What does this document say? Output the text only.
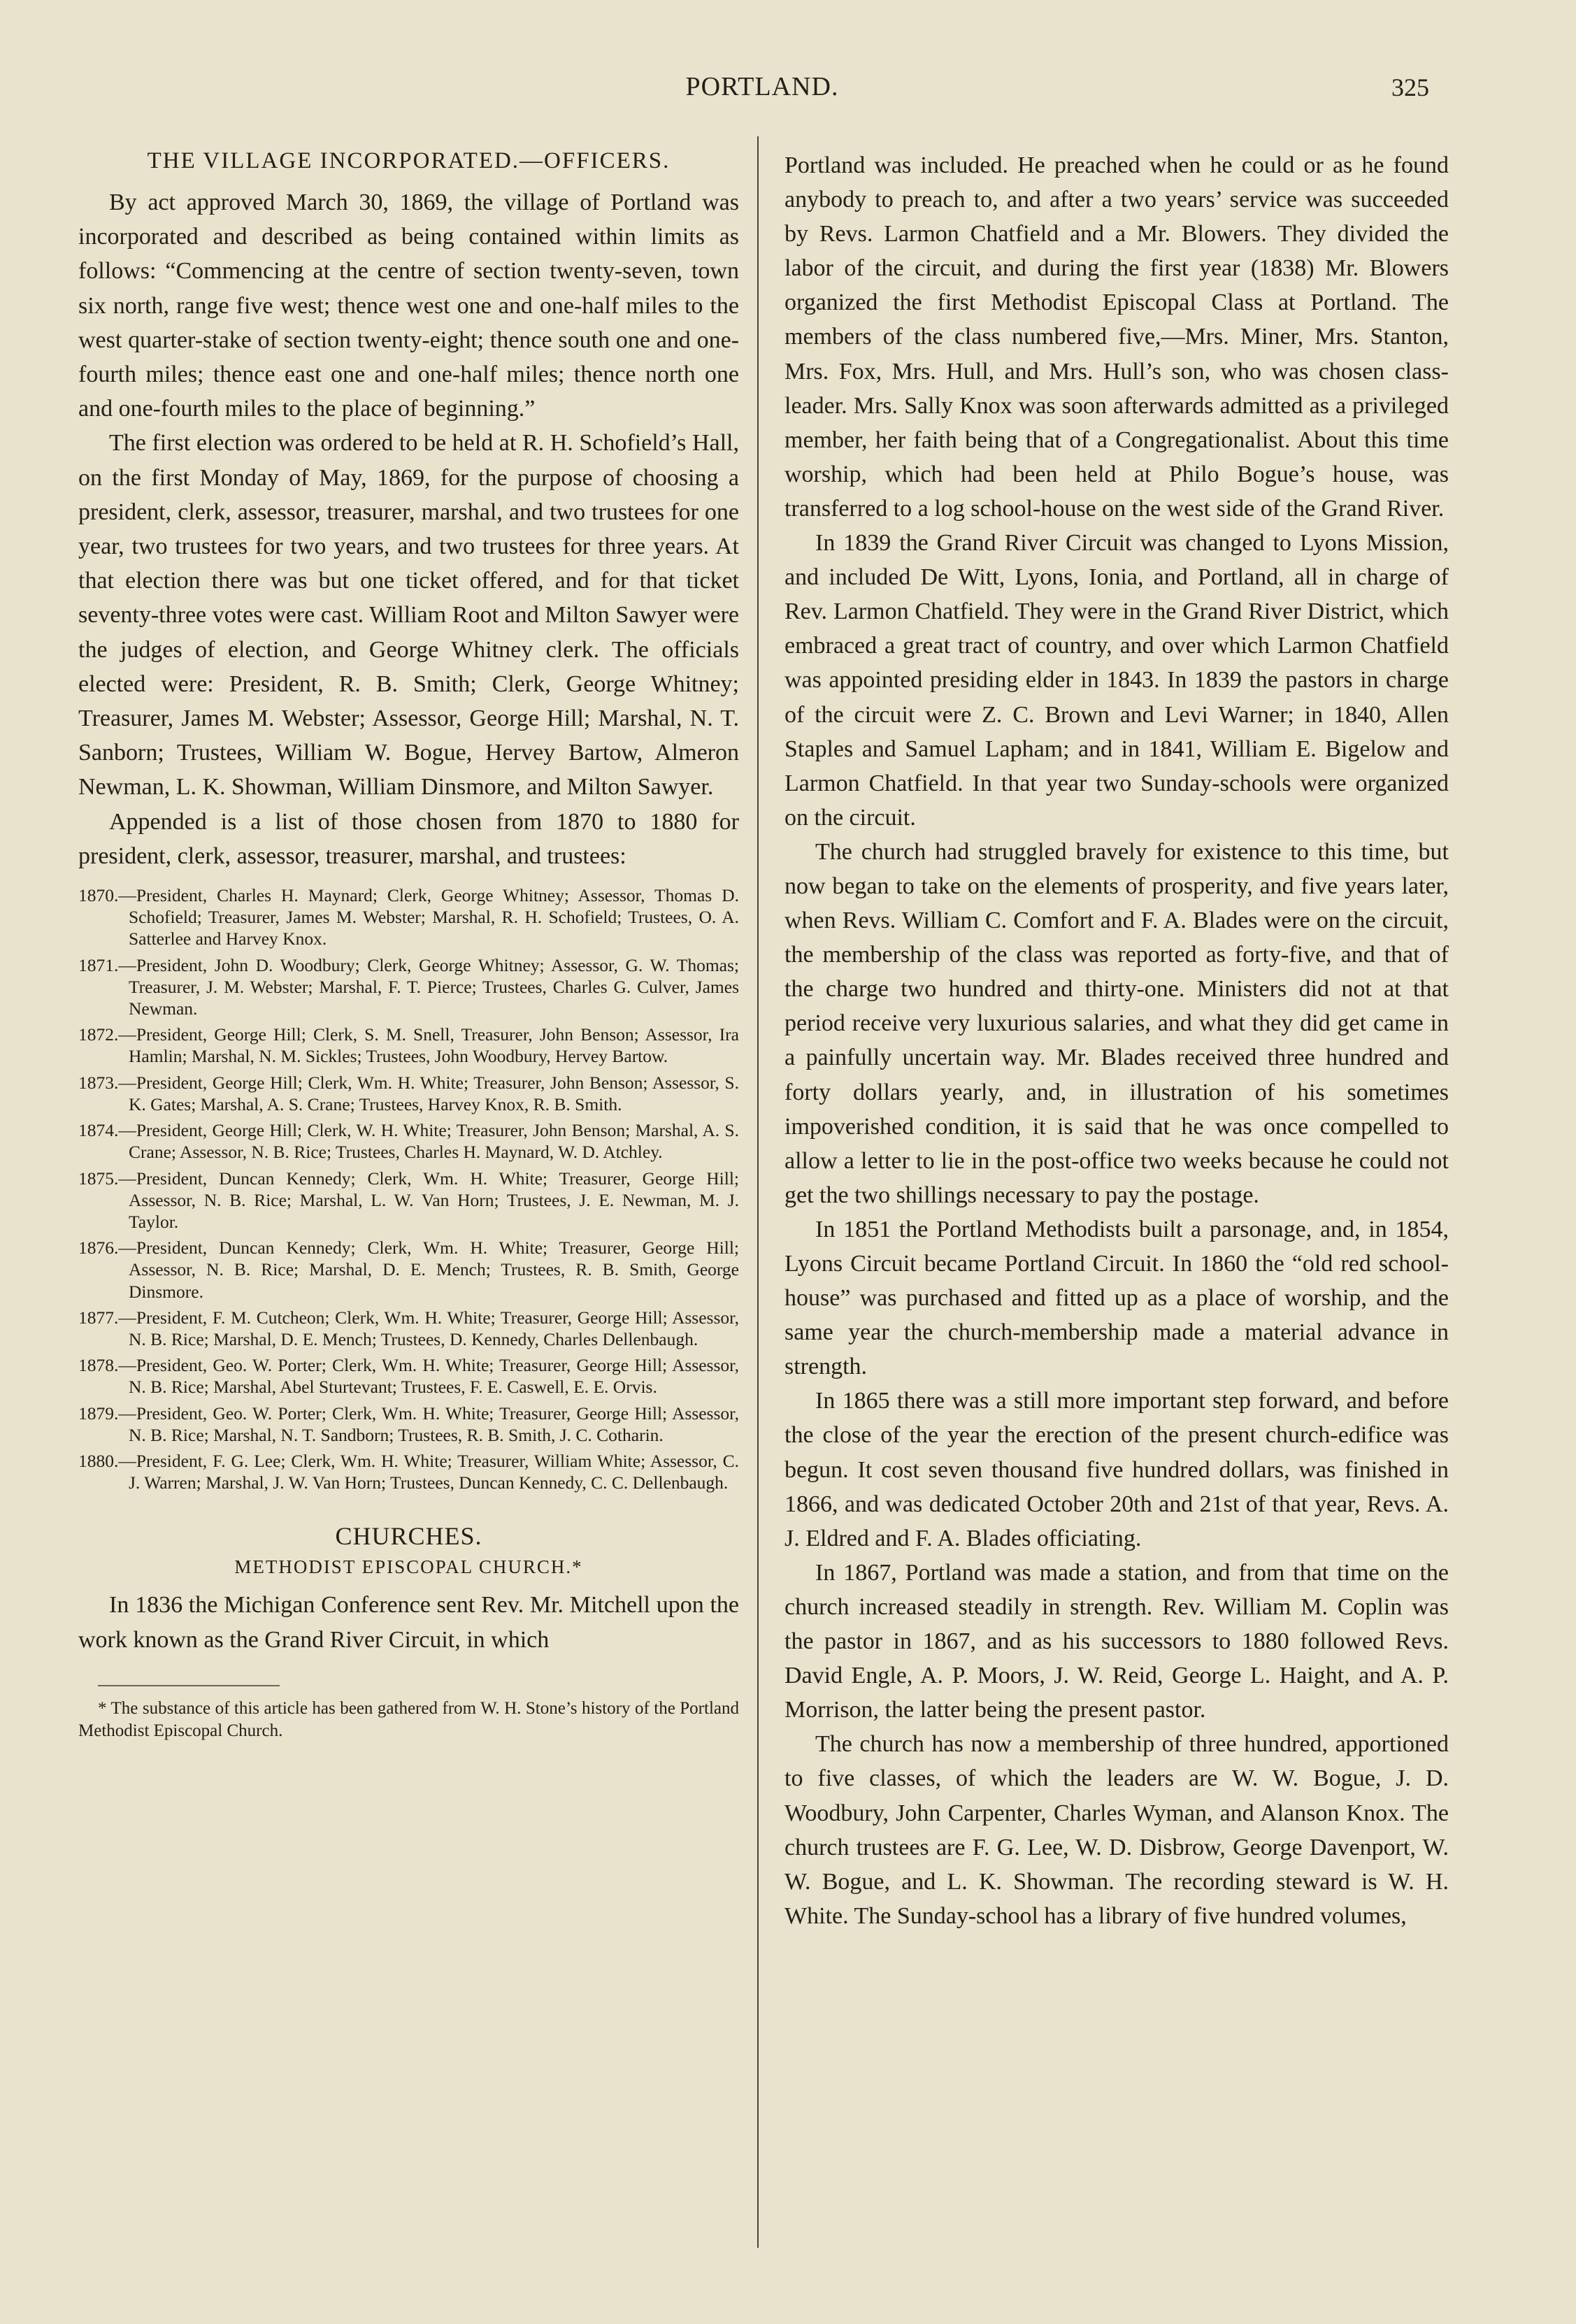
PORTLAND.	325
THE VILLAGE INCORPORATED.—OFFICERS.

By act approved March 30, 1869, the village of Portland was incorporated and described as being contained within limits as follows: “Commencing at the centre of section twenty-seven, town six north, range five west; thence west one and one-half miles to the west quarter-stake of section twenty-eight; thence south one and one-fourth miles; thence east one and one-half miles; thence north one and one-fourth miles to the place of beginning.”

The first election was ordered to be held at R. H. Schofield’s Hall, on the first Monday of May, 1869, for the purpose of choosing a president, clerk, assessor, treasurer, marshal, and two trustees for one year, two trustees for two years, and two trustees for three years. At that election there was but one ticket offered, and for that ticket seventy-three votes were cast. William Root and Milton Sawyer were the judges of election, and George Whitney clerk. The officials elected were: President, R. B. Smith; Clerk, George Whitney; Treasurer, James M. Webster; Assessor, George Hill; Marshal, N. T. Sanborn; Trustees, William W. Bogue, Hervey Bartow, Almeron Newman, L. K. Showman, William Dinsmore, and Milton Sawyer.

Appended is a list of those chosen from 1870 to 1880 for president, clerk, assessor, treasurer, marshal, and trustees:

1870.—President, Charles H. Maynard; Clerk, George Whitney; Assessor, Thomas D. Schofield; Treasurer, James M. Webster; Marshal, R. H. Schofield; Trustees, O. A. Satterlee and Harvey Knox.

1871.—President, John D. Woodbury; Clerk, George Whitney; Assessor, G. W. Thomas; Treasurer, J. M. Webster; Marshal, F. T. Pierce; Trustees, Charles G. Culver, James Newman.

1872.—President, George Hill; Clerk, S. M. Snell, Treasurer, John Benson; Assessor, Ira Hamlin; Marshal, N. M. Sickles; Trustees, John Woodbury, Hervey Bartow.

1873.—President, George Hill; Clerk, Wm. H. White; Treasurer, John Benson; Assessor, S. K. Gates; Marshal, A. S. Crane; Trustees, Harvey Knox, R. B. Smith.

1874.—President, George Hill; Clerk, W. H. White; Treasurer, John Benson; Marshal, A. S. Crane; Assessor, N. B. Rice; Trustees, Charles H. Maynard, W. D. Atchley.

1875.—President, Duncan Kennedy; Clerk, Wm. H. White; Treasurer, George Hill; Assessor, N. B. Rice; Marshal, L. W. Van Horn; Trustees, J. E. Newman, M. J. Taylor.

1876.—President, Duncan Kennedy; Clerk, Wm. H. White; Treasurer, George Hill; Assessor, N. B. Rice; Marshal, D. E. Mench; Trustees, R. B. Smith, George Dinsmore.

1877.—President, F. M. Cutcheon; Clerk, Wm. H. White; Treasurer, George Hill; Assessor, N. B. Rice; Marshal, D. E. Mench; Trustees, D. Kennedy, Charles Dellenbaugh.

1878.—President, Geo. W. Porter; Clerk, Wm. H. White; Treasurer, George Hill; Assessor, N. B. Rice; Marshal, Abel Sturtevant; Trustees, F. E. Caswell, E. E. Orvis.

1879.—President, Geo. W. Porter; Clerk, Wm. H. White; Treasurer, George Hill; Assessor, N. B. Rice; Marshal, N. T. Sandborn; Trustees, R. B. Smith, J. C. Cotharin.

1880.—President, F. G. Lee; Clerk, Wm. H. White; Treasurer, William White; Assessor, C. J. Warren; Marshal, J. W. Van Horn; Trustees, Duncan Kennedy, C. C. Dellenbaugh.

CHURCHES.
METHODIST EPISCOPAL CHURCH.*

In 1836 the Michigan Conference sent Rev. Mr. Mitchell upon the work known as the Grand River Circuit, in which

* The substance of this article has been gathered from W. H. Stone’s history of the Portland Methodist Episcopal Church.

Portland was included. He preached when he could or as he found anybody to preach to, and after a two years’ service was succeeded by Revs. Larmon Chatfield and a Mr. Blowers. They divided the labor of the circuit, and during the first year (1838) Mr. Blowers organized the first Methodist Episcopal Class at Portland. The members of the class numbered five,—Mrs. Miner, Mrs. Stanton, Mrs. Fox, Mrs. Hull, and Mrs. Hull’s son, who was chosen class-leader. Mrs. Sally Knox was soon afterwards admitted as a privileged member, her faith being that of a Congregationalist. About this time worship, which had been held at Philo Bogue’s house, was transferred to a log school-house on the west side of the Grand River.

In 1839 the Grand River Circuit was changed to Lyons Mission, and included De Witt, Lyons, Ionia, and Portland, all in charge of Rev. Larmon Chatfield. They were in the Grand River District, which embraced a great tract of country, and over which Larmon Chatfield was appointed presiding elder in 1843. In 1839 the pastors in charge of the circuit were Z. C. Brown and Levi Warner; in 1840, Allen Staples and Samuel Lapham; and in 1841, William E. Bigelow and Larmon Chatfield. In that year two Sunday-schools were organized on the circuit.

The church had struggled bravely for existence to this time, but now began to take on the elements of prosperity, and five years later, when Revs. William C. Comfort and F. A. Blades were on the circuit, the membership of the class was reported as forty-five, and that of the charge two hundred and thirty-one. Ministers did not at that period receive very luxurious salaries, and what they did get came in a painfully uncertain way. Mr. Blades received three hundred and forty dollars yearly, and, in illustration of his sometimes impoverished condition, it is said that he was once compelled to allow a letter to lie in the post-office two weeks because he could not get the two shillings necessary to pay the postage.

In 1851 the Portland Methodists built a parsonage, and, in 1854, Lyons Circuit became Portland Circuit. In 1860 the “old red school-house” was purchased and fitted up as a place of worship, and the same year the church-membership made a material advance in strength.

In 1865 there was a still more important step forward, and before the close of the year the erection of the present church-edifice was begun. It cost seven thousand five hundred dollars, was finished in 1866, and was dedicated October 20th and 21st of that year, Revs. A. J. Eldred and F. A. Blades officiating.

In 1867, Portland was made a station, and from that time on the church increased steadily in strength. Rev. William M. Coplin was the pastor in 1867, and as his successors to 1880 followed Revs. David Engle, A. P. Moors, J. W. Reid, George L. Haight, and A. P. Morrison, the latter being the present pastor.

The church has now a membership of three hundred, apportioned to five classes, of which the leaders are W. W. Bogue, J. D. Woodbury, John Carpenter, Charles Wyman, and Alanson Knox. The church trustees are F. G. Lee, W. D. Disbrow, George Davenport, W. W. Bogue, and L. K. Showman. The recording steward is W. H. White. The Sunday-school has a library of five hundred volumes,
